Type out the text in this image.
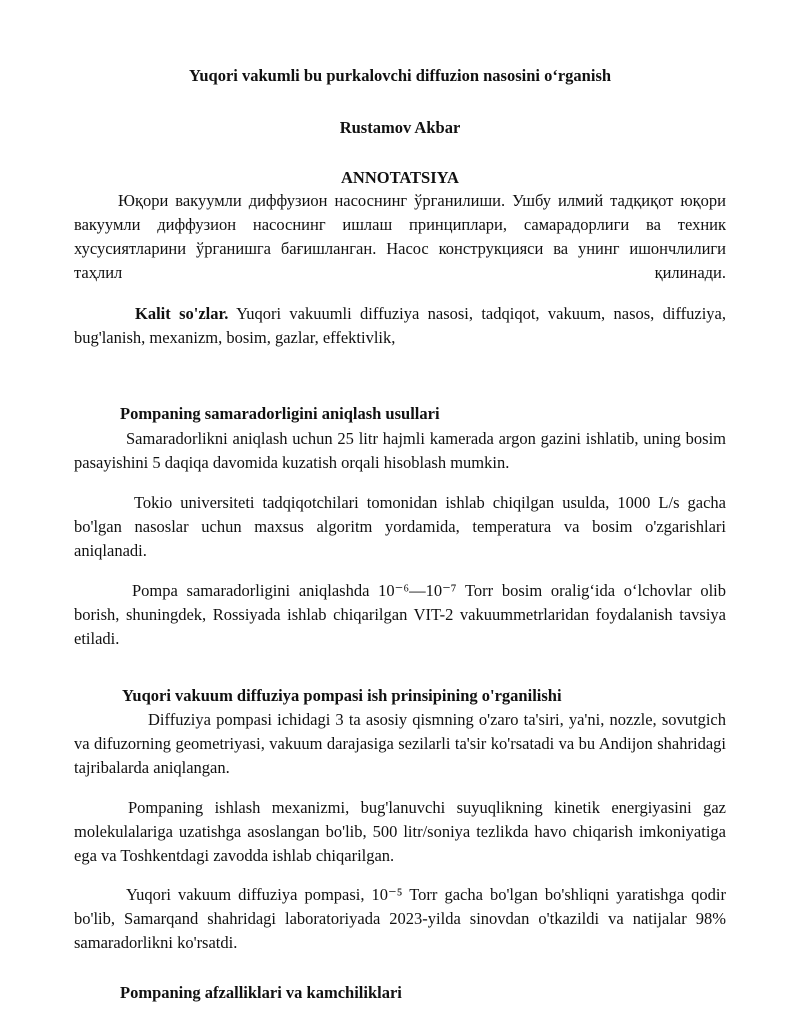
Yuqori vakumli bu purkalovchi diffuzion nasosini o‘rganish
Rustamov Akbar
ANNOTATSIYA

Юқори вакуумли диффузион насоснинг ўрганилиши. Ушбу илмий тадқиқот юқори вакуумли диффузион насоснинг ишлаш принциплари, самарадорлиги ва техник хусусиятларини ўрганишга бағишланган. Насос конструкцияси ва унинг ишончлилиги таҳлил қилинади.

Kalit so'zlar. Yuqori vakuumli diffuziya nasosi, tadqiqot, vakuum, nasos, diffuziya, bug'lanish, mexanizm, bosim, gazlar, effektivlik,

Pompaning samaradorligini aniqlash usullari

Samaradorlikni aniqlash uchun 25 litr hajmli kamerada argon gazini ishlatib, uning bosim pasayishini 5 daqiqa davomida kuzatish orqali hisoblash mumkin.

Tokio universiteti tadqiqotchilari tomonidan ishlab chiqilgan usulda, 1000 L/s gacha bo'lgan nasoslar uchun maxsus algoritm yordamida, temperatura va bosim o'zgarishlari aniqlanadi.

Pompa samaradorligini aniqlashda 10⁻⁶—10⁻⁷ Torr bosim oralig‘ida o‘lchovlar olib borish, shuningdek, Rossiyada ishlab chiqarilgan VIT-2 vakuummetrlaridan foydalanish tavsiya etiladi.

Yuqori vakuum diffuziya pompasi ish prinsipining o'rganilishi

Diffuziya pompasi ichidagi 3 ta asosiy qismning o'zaro ta'siri, ya'ni, nozzle, sovutgich va difuzorning geometriyasi, vakuum darajasiga sezilarli ta'sir ko'rsatadi va bu Andijon shahridagi tajribalarda aniqlangan.

Pompaning ishlash mexanizmi, bug'lanuvchi suyuqlikning kinetik energiyasini gaz molekulalariga uzatishga asoslangan bo'lib, 500 litr/soniya tezlikda havo chiqarish imkoniyatiga ega va Toshkentdagi zavodda ishlab chiqarilgan.

Yuqori vakuum diffuziya pompasi, 10⁻⁵ Torr gacha bo'lgan bo'shliqni yaratishga qodir bo'lib, Samarqand shahridagi laboratoriyada 2023-yilda sinovdan o'tkazildi va natijalar 98% samaradorlikni ko'rsatdi.

Pompaning afzalliklari va kamchiliklari
